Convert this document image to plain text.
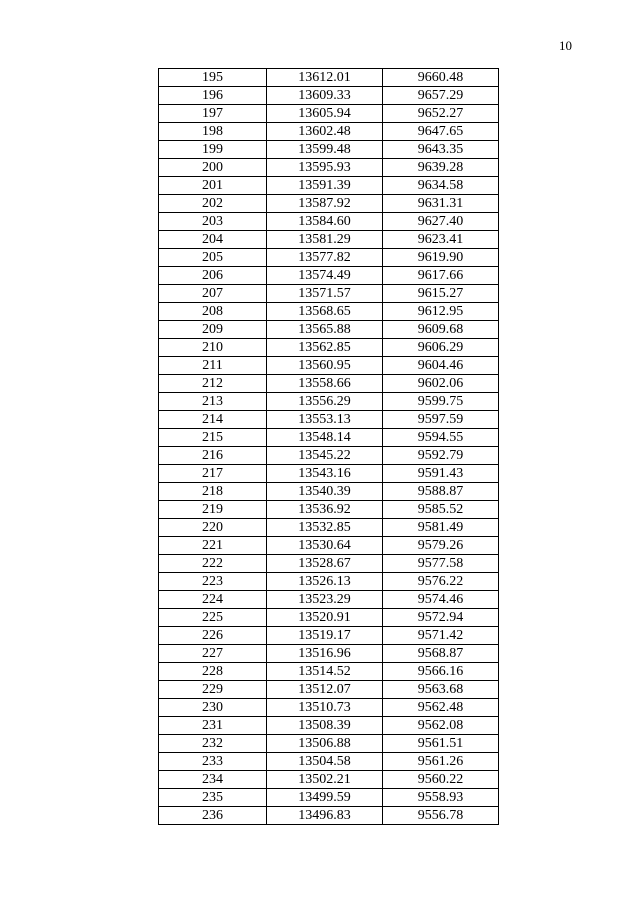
10
195	13612.01	9660.48
196	13609.33	9657.29
197	13605.94	9652.27
198	13602.48	9647.65
199	13599.48	9643.35
200	13595.93	9639.28
201	13591.39	9634.58
202	13587.92	9631.31
203	13584.60	9627.40
204	13581.29	9623.41
205	13577.82	9619.90
206	13574.49	9617.66
207	13571.57	9615.27
208	13568.65	9612.95
209	13565.88	9609.68
210	13562.85	9606.29
211	13560.95	9604.46
212	13558.66	9602.06
213	13556.29	9599.75
214	13553.13	9597.59
215	13548.14	9594.55
216	13545.22	9592.79
217	13543.16	9591.43
218	13540.39	9588.87
219	13536.92	9585.52
220	13532.85	9581.49
221	13530.64	9579.26
222	13528.67	9577.58
223	13526.13	9576.22
224	13523.29	9574.46
225	13520.91	9572.94
226	13519.17	9571.42
227	13516.96	9568.87
228	13514.52	9566.16
229	13512.07	9563.68
230	13510.73	9562.48
231	13508.39	9562.08
232	13506.88	9561.51
233	13504.58	9561.26
234	13502.21	9560.22
235	13499.59	9558.93
236	13496.83	9556.78
